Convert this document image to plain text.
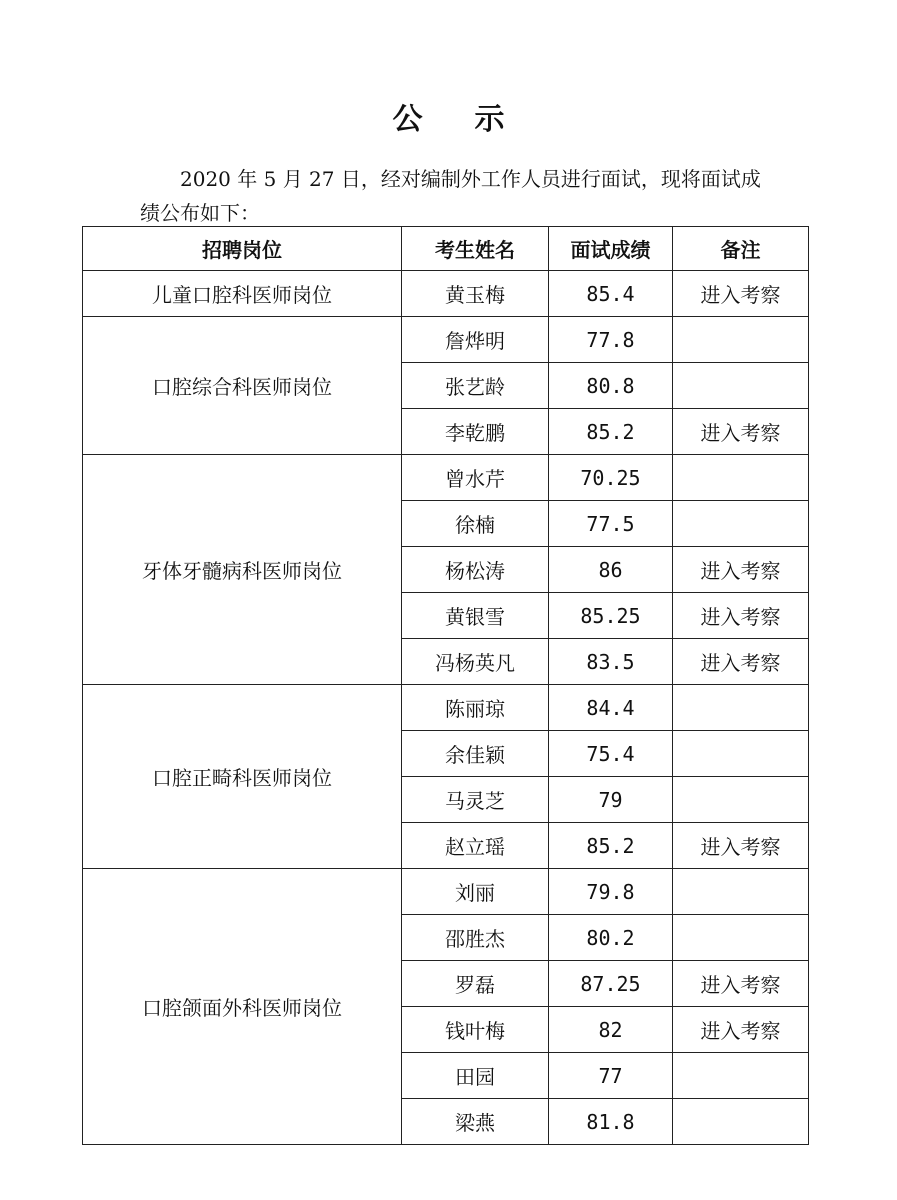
公示

2020 年 5 月 27 日，经对编制外工作人员进行面试，现将面试成绩公布如下：

招聘岗位	考生姓名	面试成绩	备注
儿童口腔科医师岗位	黄玉梅	85.4	进入考察
口腔综合科医师岗位	詹烨明	77.8	
	张艺龄	80.8	
	李乾鹏	85.2	进入考察
牙体牙髓病科医师岗位	曾水芹	70.25	
	徐楠	77.5	
	杨松涛	86	进入考察
	黄银雪	85.25	进入考察
	冯杨英凡	83.5	进入考察
口腔正畸科医师岗位	陈丽琼	84.4	
	余佳颖	75.4	
	马灵芝	79	
	赵立瑶	85.2	进入考察
口腔颌面外科医师岗位	刘丽	79.8	
	邵胜杰	80.2	
	罗磊	87.25	进入考察
	钱叶梅	82	进入考察
	田园	77	
	梁燕	81.8	
